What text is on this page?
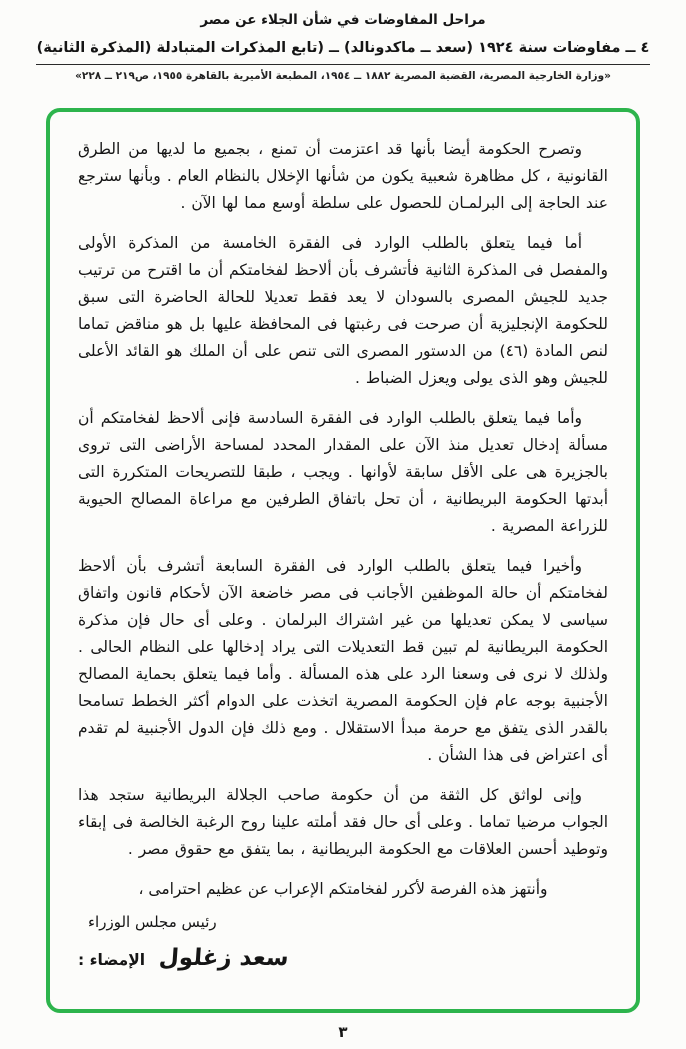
مراحل المفاوضات في شأن الجلاء عن مصر
٤ ــ مفاوضات سنة ١٩٢٤ (سعد ــ ماكدونالد) ــ (تابع المذكرات المتبادلة (المذكرة الثانية)
«وزارة الخارجية المصرية، القضية المصرية ١٨٨٢ ــ ١٩٥٤، المطبعة الأميرية بالقاهرة ١٩٥٥، ص٢١٩ ــ ٢٢٨»

وتصرح الحكومة أيضا بأنها قد اعتزمت أن تمنع ، بجميع ما لديها من الطرق القانونية ، كل مظاهرة شعبية يكون من شأنها الإخلال بالنظام العام . وبأنها سترجع عند الحاجة إلى البرلمـان للحصول على سلطة أوسع مما لها الآن .

أما فيما يتعلق بالطلب الوارد فى الفقرة الخامسة من المذكرة الأولى والمفصل فى المذكرة الثانية فأتشرف بأن ألاحظ لفخامتكم أن ما اقترح من ترتيب جديد للجيش المصرى بالسودان لا يعد فقط تعديلا للحالة الحاضرة التى سبق للحكومة الإنجليزية أن صرحت فى رغبتها فى المحافظة عليها بل هو مناقض تماما لنص المادة (٤٦) من الدستور المصرى التى تنص على أن الملك هو القائد الأعلى للجيش وهو الذى يولى ويعزل الضباط .

وأما فيما يتعلق بالطلب الوارد فى الفقرة السادسة فإنى ألاحظ لفخامتكم أن مسألة إدخال تعديل منذ الآن على المقدار المحدد لمساحة الأراضى التى تروى بالجزيرة هى على الأقل سابقة لأوانها . ويجب ، طبقا للتصريحات المتكررة التى أبدتها الحكومة البريطانية ، أن تحل باتفاق الطرفين مع مراعاة المصالح الحيوية للزراعة المصرية .

وأخيرا فيما يتعلق بالطلب الوارد فى الفقرة السابعة أتشرف بأن ألاحظ لفخامتكم أن حالة الموظفين الأجانب فى مصر خاضعة الآن لأحكام قانون واتفاق سياسى لا يمكن تعديلها من غير اشتراك البرلمان . وعلى أى حال فإن مذكرة الحكومة البريطانية لم تبين قط التعديلات التى يراد إدخالها على النظام الحالى . ولذلك لا نرى فى وسعنا الرد على هذه المسألة . وأما فيما يتعلق بحماية المصالح الأجنبية بوجه عام فإن الحكومة المصرية اتخذت على الدوام أكثر الخطط تسامحا بالقدر الذى يتفق مع حرمة مبدأ الاستقلال . ومع ذلك فإن الدول الأجنبية لم تقدم أى اعتراض فى هذا الشأن .

وإنى لواثق كل الثقة من أن حكومة صاحب الجلالة البريطانية ستجد هذا الجواب مرضيا تماما . وعلى أى حال فقد أملته علينا روح الرغبة الخالصة فى إبقاء وتوطيد أحسن العلاقات مع الحكومة البريطانية ، بما يتفق مع حقوق مصر .

وأنتهز هذه الفرصة لأكرر لفخامتكم الإعراب عن عظيم احترامى ،

رئيس مجلس الوزراء
الإمضاء : سعد زغلول
٣
